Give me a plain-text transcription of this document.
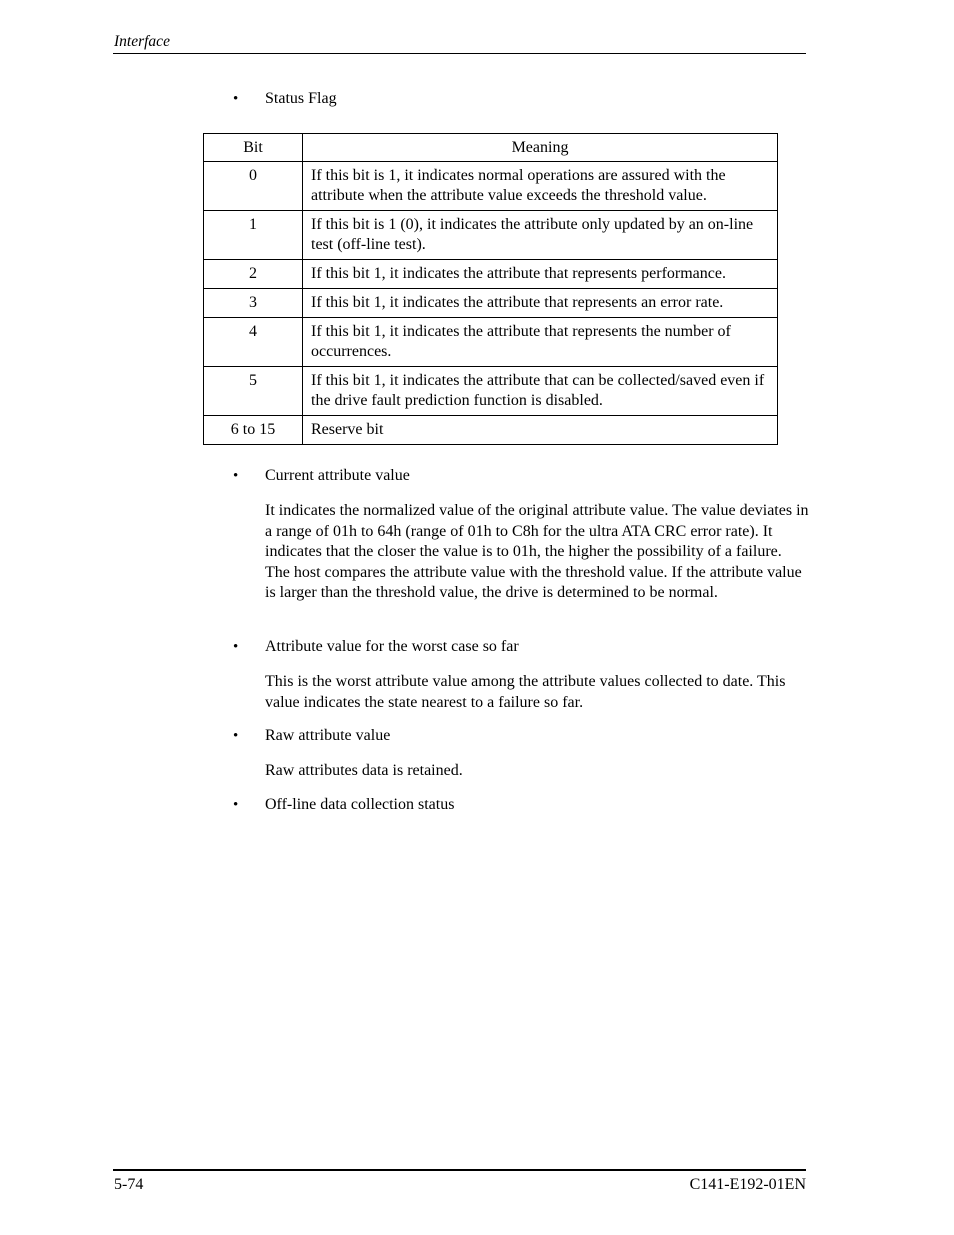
Interface
• Status Flag
Bit	Meaning
0	If this bit is 1, it indicates normal operations are assured with the attribute when the attribute value exceeds the threshold value.
1	If this bit is 1 (0), it indicates the attribute only updated by an on-line test (off-line test).
2	If this bit 1, it indicates the attribute that represents performance.
3	If this bit 1, it indicates the attribute that represents an error rate.
4	If this bit 1, it indicates the attribute that represents the number of occurrences.
5	If this bit 1, it indicates the attribute that can be collected/saved even if the drive fault prediction function is disabled.
6 to 15	Reserve bit
• Current attribute value
It indicates the normalized value of the original attribute value. The value deviates in a range of 01h to 64h (range of 01h to C8h for the ultra ATA CRC error rate). It indicates that the closer the value is to 01h, the higher the possibility of a failure. The host compares the attribute value with the threshold value. If the attribute value is larger than the threshold value, the drive is determined to be normal.
• Attribute value for the worst case so far
This is the worst attribute value among the attribute values collected to date. This value indicates the state nearest to a failure so far.
• Raw attribute value
Raw attributes data is retained.
• Off-line data collection status
5-74	C141-E192-01EN
